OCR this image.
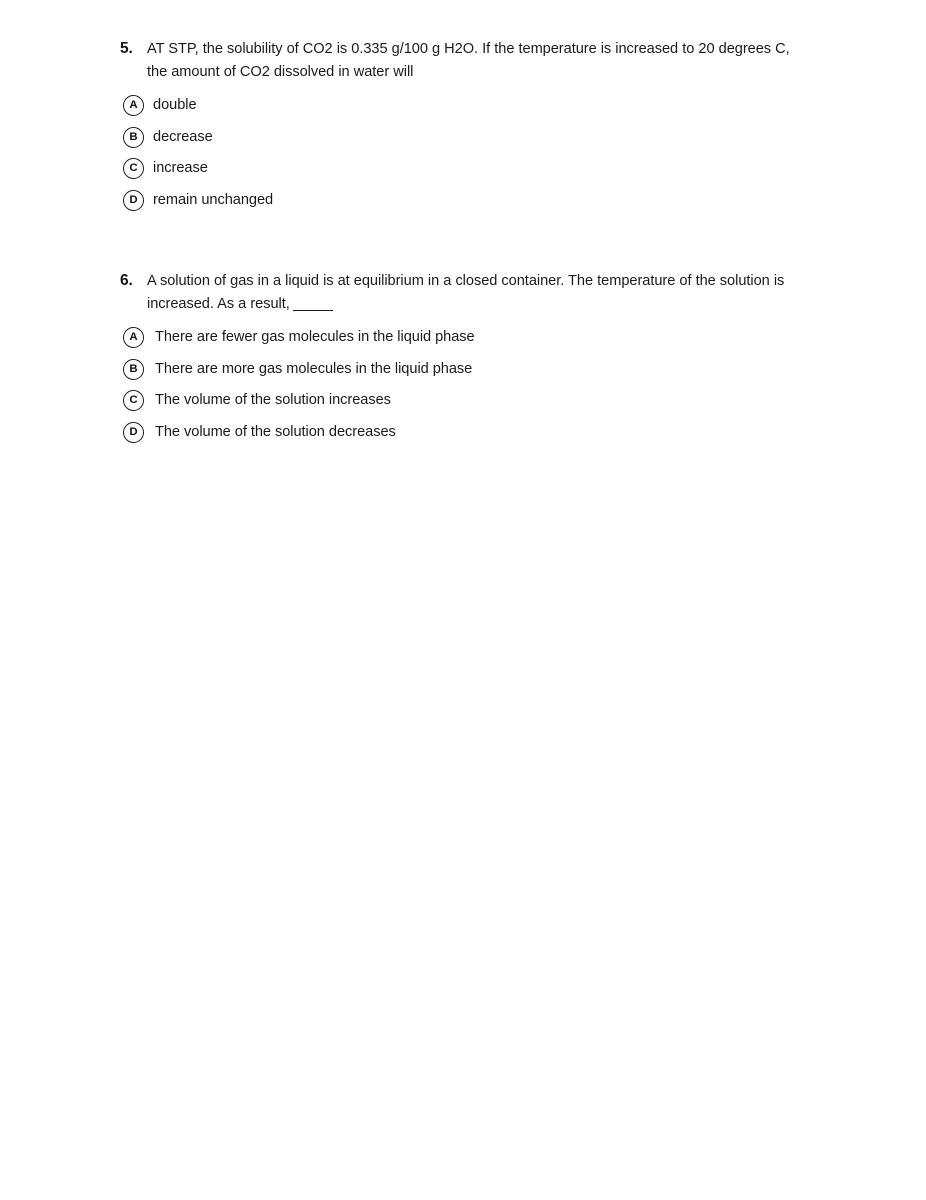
5. AT STP, the solubility of CO2 is 0.335 g/100 g H2O. If the temperature is increased to 20 degrees C, the amount of CO2 dissolved in water will
A	double
B	decrease
C	increase
D	remain unchanged
6. A solution of gas in a liquid is at equilibrium in a closed container. The temperature of the solution is increased. As a result,
A	There are fewer gas molecules in the liquid phase
B	There are more gas molecules in the liquid phase
C	The volume of the solution increases
D	The volume of the solution decreases
